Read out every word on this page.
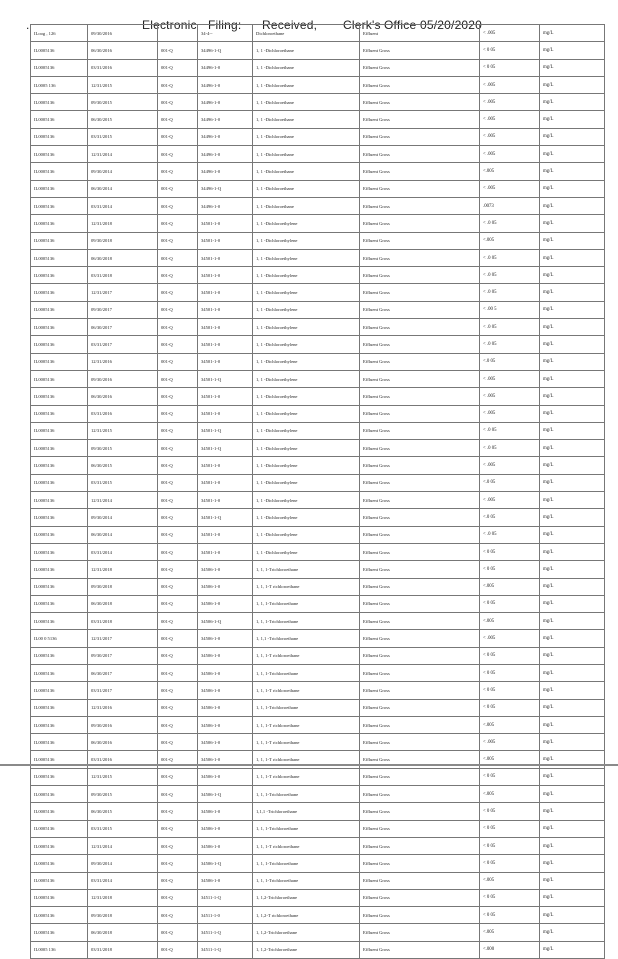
.	Electronic Filing: Received, Clerk's Office 05/20/2020
ILoog , 126	09/30/2016		34-4--	Dichloroethane	Effluent	< .005	mg/L
IL0005136	06/30/2016	001-Q	34496-1-Q	1, 1 -Dichloroethane	Effluent Gross	< 0 05	mg/L
IL0005136	03/31/2016	001-Q	34496-1-0	1, 1 -Dichloroethane	Effluent Gross	< 0 05	mg/L
IL0005 136	12/31/2015	001-Q	34496-1-0	1, 1 -Dichloroethane	Effluent Gross	< .005	mg/L
IL0005136	09/30/2015	001-Q	34496-1-0	1, 1 -Dichloroethane	Effluent Gross	< .005	mg/L
IL0005136	06/30/2015	001-Q	34496-1-0	1, 1 -Dichloroethane	Effluent Gross	< .005	mg/L
IL0005136	03/31/2015	001-Q	34496-1-0	1, 1 -Dichloroethane	Effluent Gross	< .005	mg/L
IL0005136	12/31/2014	001-Q	34496-1-0	1, 1 -Dichloroethane	Effluent Gross	< .005	mg/L
IL0005136	09/30/2014	001-Q	34496-1-0	1, 1 -Dichloroethane	Effluent Gross	<.005	mg/L
IL0005136	06/30/2014	001-Q	34496-1-Q	1, 1 -Dichloroethane	Effluent Gross	< .005	mg/L
IL0005136	03/31/2014	001-Q	34496-1-0	1, 1 -Dichloroethane	Effluent Gross	.0073	mg/L
IL0005136	12/31/2018	001-Q	34501-1-0	1, 1 -Dichloroethylene	Effluent Gross	< .0 05	mg/L
IL0005136	09/30/2018	001-Q	34501-1-0	1, 1 -Dichloroethylene	Effluent Gross	<.005	mg/L
IL0005136	06/30/2018	001-Q	34501-1-0	1, 1 -Dichloroethylene	Effluent Gross	< .0 05	mg/L
IL0005136	03/31/2018	001-Q	34501-1-0	1, 1 -Dichloroethylene	Effluent Gross	< .0 05	mg/L
IL0005136	12/31/2017	001-Q	34501-1-0	1, 1 -Dichloroethylene	Effluent Gross	< .0 05	mg/L
IL0005136	09/30/2017	001-Q	34501-1-0	1, 1 -Dichloroethylene	Effluent Gross	< .00 5	mg/L
IL0005136	06/30/2017	001-Q	34501-1-0	1, 1 -Dichloroethylene	Effluent Gross	< .0 05	mg/L
IL0005136	03/31/2017	001-Q	34501-1-0	1, 1 -Dichloroethylene	Effluent Gross	< .0 05	mg/L
IL0005136	12/31/2016	001-Q	34501-1-0	1, 1 -Dichloroethylene	Effluent Gross	<.0 05	mg/L
IL0005136	09/30/2016	001-Q	34501-1-Q	1, 1 -Dichloroethylene	Effluent Gross	< .005	mg/L
IL0005136	06/30/2016	001-Q	34501-1-0	1, 1 -Dichloroethylene	Effluent Gross	< .005	mg/L
IL0005136	03/31/2016	001-Q	34501-1-0	1, 1 -Dichloroethylene	Effluent Gross	< .005	mg/L
IL0005136	12/31/2015	001-Q	34501-1-Q	1, 1 -Dichloroethylene	Effluent Gross	< .0 05	mg/L
IL0005136	09/30/2015	001-Q	34501-1-Q	1, 1 -Dichloroethylene	Effluent Gross	< .0 05	mg/L
IL0005136	06/30/2015	001-Q	34501-1-0	1, 1 -Dichloroethylene	Effluent Gross	< .005	mg/L
IL0005136	03/31/2015	001-Q	34501-1-0	1, 1 -Dichloroethylene	Effluent Gross	<.0 05	mg/L
IL0005136	12/31/2014	001-Q	34501-1-0	1, 1 -Dichloroethylene	Effluent Gross	< .005	mg/L
IL0005136	09/30/2014	001-Q	34501-1-Q	1, 1 -Dichloroethylene	Effluent Gross	<.0 05	mg/L
IL0005136	06/30/2014	001-Q	34501-1-0	1, 1 -Dichloroethylene	Effluent Gross	< .0 05	mg/L
IL0005136	03/31/2014	001-Q	34501-1-0	1, 1 -Dichloroethylene	Effluent Gross	< 0 05	mg/L
IL0005136	12/31/2018	001-Q	34506-1-0	1, 1, 1-Trichloroethane	Effluent Gross	< 0 05	mg/L
IL0005136	09/30/2018	001-Q	34506-1-0	1, 1, 1-T richloroethane	Effluent Gross	<.005	mg/L
IL0005136	06/30/2018	001-Q	34506-1-0	1, 1, 1-Trichloroethane	Effluent Gross	< 0 05	mg/L
IL0005136	03/31/2018	001-Q	34506-1-Q	1, 1, 1-Trichloroethane	Effluent Gross	<.005	mg/L
IL00 0 5136	12/31/2017	001-Q	34506-1-0	1, 1,1 -Trichloroethane	Effluent Gross	< .005	mg/L
IL0005136	09/30/2017	001-Q	34506-1-0	1, 1, 1-T richloroethane	Effluent Gross	< 0 05	mg/L
IL0005136	06/30/2017	001-Q	34506-1-0	1, 1, 1-Trichloroethane	Effluent Gross	< 0 05	mg/L
IL0005136	03/31/2017	001-Q	34506-1-0	1, 1, 1-T richloroethane	Effluent Gross	< 0 05	mg/L
IL0005136	12/31/2016	001-Q	34506-1-0	1, 1, 1-Trichloroethane	Effluent Gross	< 0 05	mg/L
IL0005136	09/30/2016	001-Q	34506-1-0	1, 1, 1-T richloroethane	Effluent Gross	<.005	mg/L
IL0005136	06/30/2016	001-Q	34506-1-0	1, 1, 1-T richloroethane	Effluent Gross	< .005	mg/L
IL0005136	03/31/2016	001-Q	34506-1-0	1, 1, 1-T richloroethane	Effluent Gross	<.005	mg/L
IL0005136	12/31/2015	001-Q	34506-1-0	1, 1, 1-T richloroethane	Effluent Gross	< 0 05	mg/L
IL0005136	09/30/2015	001-Q	34506-1-Q	1, 1, 1-Trichloroethane	Effluent Gross	<.005	mg/L
IL0005136	06/30/2015	001-Q	34506-1-0	1,1,1 -Trichloroethane	Effluent Gross	< 0 05	mg/L
IL0005136	03/31/2015	001-Q	34506-1-0	1, 1, 1-Trichloroethane	Effluent Gross	< 0 05	mg/L
IL0005136	12/31/2014	001-Q	34506-1-0	1, 1, 1-T richloroethane	Effluent Gross	< 0 05	mg/L
IL0005136	09/30/2014	001-Q	34506-1-Q	1, 1, 1-Trichloroethane	Effluent Gross	< 0 05	mg/L
IL0005136	03/31/2014	001-Q	34506-1-0	1, 1, 1-Trichloroethane	Effluent Gross	<.005	mg/L
IL0005136	12/31/2018	001-Q	34511-1-Q	1, 1,2-Trichloroethane	Effluent Gross	< 0 05	mg/L
IL0005136	09/30/2018	001-Q	34511-1-0	1, 1,2-T richloroethane	Effluent Gross	< 0 05	mg/L
IL0005136	06/30/2018	001-Q	34511-1-Q	1, 1,2-Trichloroethane	Effluent Gross	<.005	mg/L
IL0005 136	03/31/2018	001-Q	34511-1-Q	1, 1,2-Trichloroethane	Effluent Gross	<.000	mg/L
